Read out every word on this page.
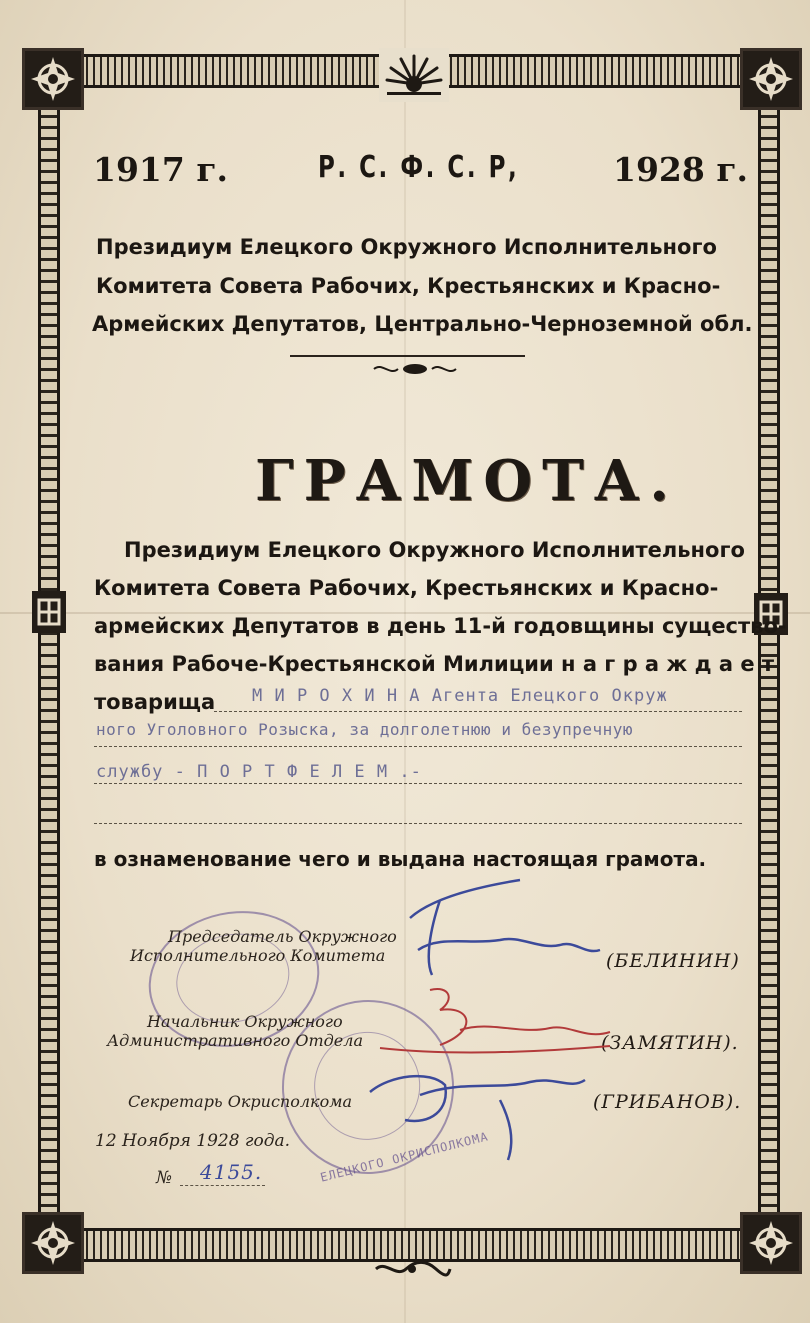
1917 г.	Р. С. Ф. С. Р,	1928 г.
Президиум Елецкого Окружного Исполнительного
Комитета Совета Рабочих, Крестьянских и Красно-
Армейских Депутатов, Центрально-Черноземной обл.
ГРАМОТА.
Президиум Елецкого Окружного Исполнительного
Комитета Совета Рабочих, Крестьянских и Красно-
армейских Депутатов в день 11-й годовщины существо-
вания Рабоче-Крестьянской Милиции н а г р а ж д а е т
товарища М И Р О Х И Н А Агента Елецкого Окруж
ного Уголовного Розыска, за долголетнюю и безупречную
службу - П О Р Т Ф Е Л Е М .-
в ознаменование чего и выдана настоящая грамота.
ЕЛЕЦКОГО ОКРИСПОЛКОМА
Председатель Окружного
Исполнительного Комитета	(БЕЛИНИН)
Начальник Окружного
Административного Отдела	(ЗАМЯТИН).
Секретарь Окрисполкома	(ГРИБАНОВ).
12 Ноября 1928 года.
№ 4155.
